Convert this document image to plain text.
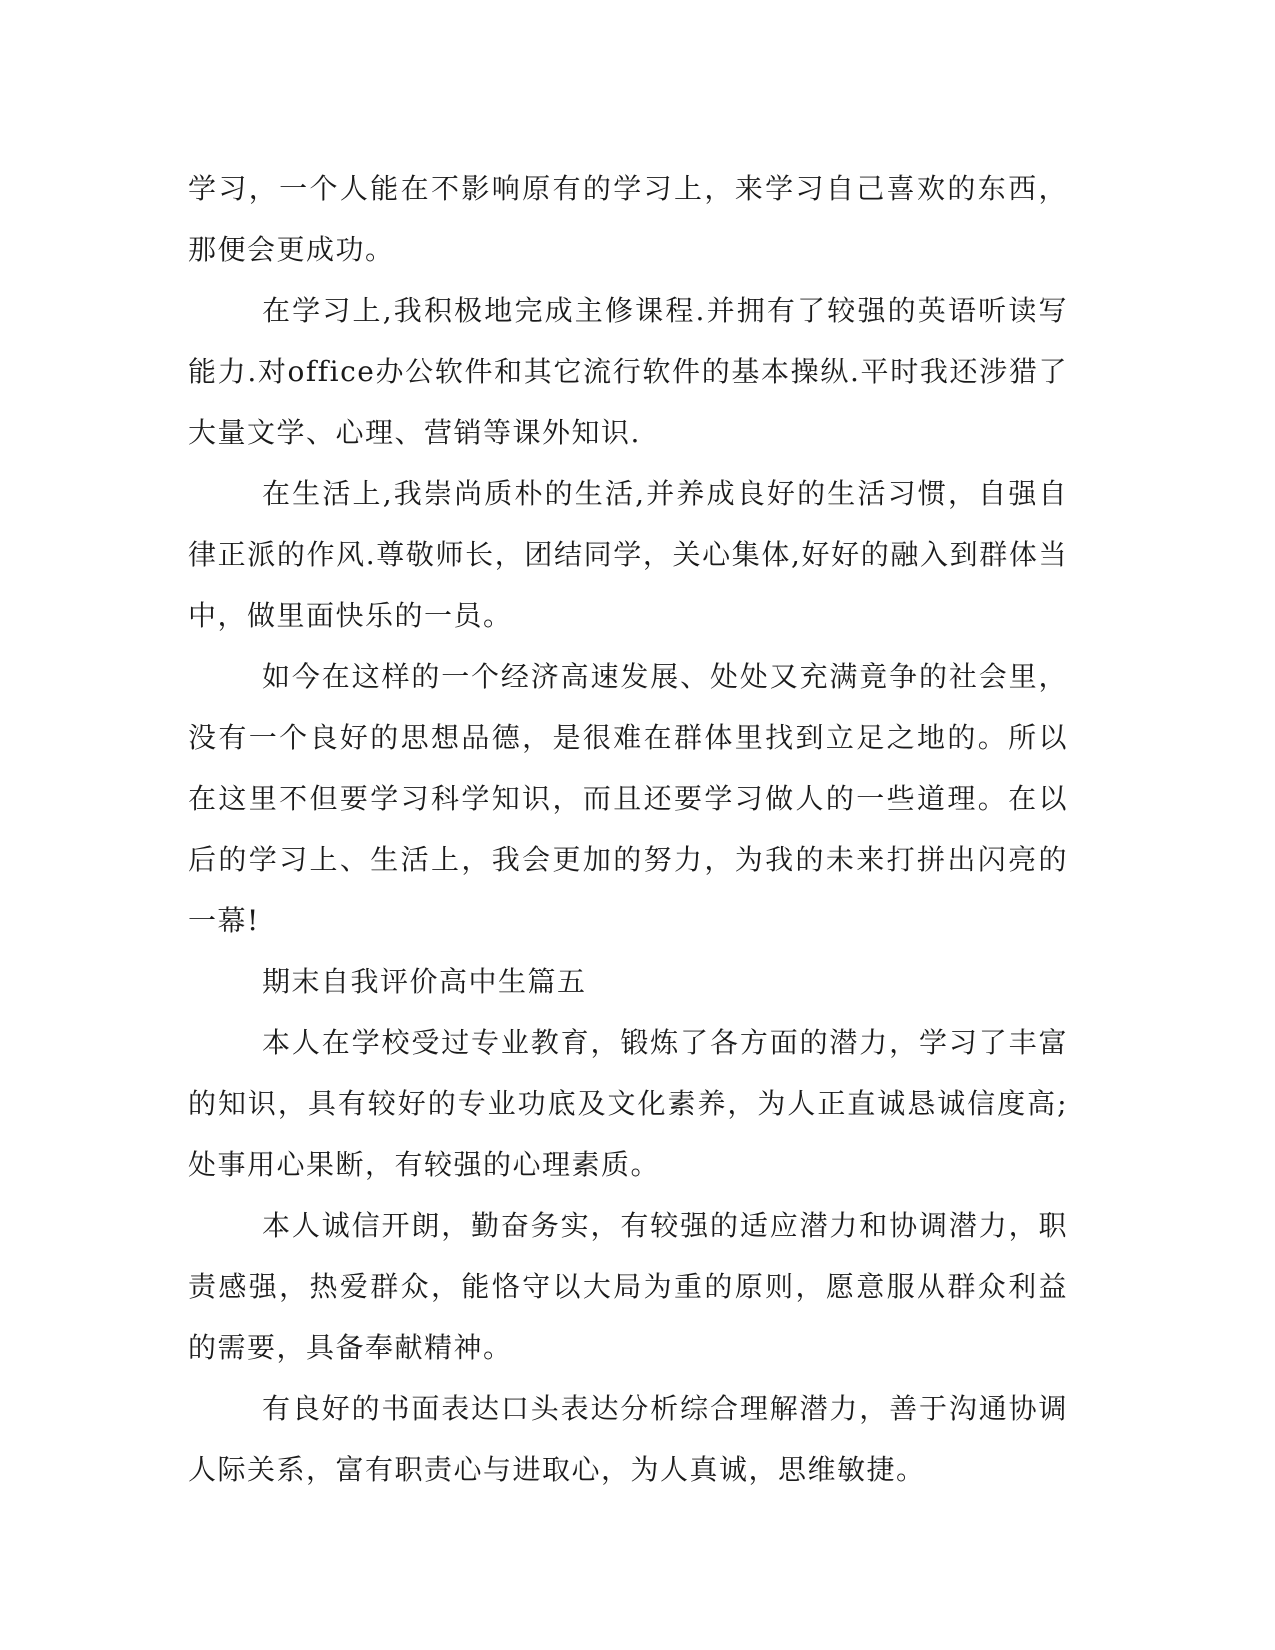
学习，一个人能在不影响原有的学习上，来学习自己喜欢的东西，那便会更成功。

在学习上,我积极地完成主修课程.并拥有了较强的英语听读写能力.对office办公软件和其它流行软件的基本操纵.平时我还涉猎了大量文学、心理、营销等课外知识.

在生活上,我崇尚质朴的生活,并养成良好的生活习惯，自强自律正派的作风.尊敬师长，团结同学，关心集体,好好的融入到群体当中，做里面快乐的一员。

如今在这样的一个经济高速发展、处处又充满竟争的社会里，没有一个良好的思想品德，是很难在群体里找到立足之地的。所以在这里不但要学习科学知识，而且还要学习做人的一些道理。在以后的学习上、生活上，我会更加的努力，为我的未来打拼出闪亮的一幕!

期末自我评价高中生篇五

本人在学校受过专业教育，锻炼了各方面的潜力，学习了丰富的知识，具有较好的专业功底及文化素养，为人正直诚恳诚信度高;处事用心果断，有较强的心理素质。

本人诚信开朗，勤奋务实，有较强的适应潜力和协调潜力，职责感强，热爱群众，能恪守以大局为重的原则，愿意服从群众利益的需要，具备奉献精神。

有良好的书面表达口头表达分析综合理解潜力，善于沟通协调人际关系，富有职责心与进取心，为人真诚，思维敏捷。
